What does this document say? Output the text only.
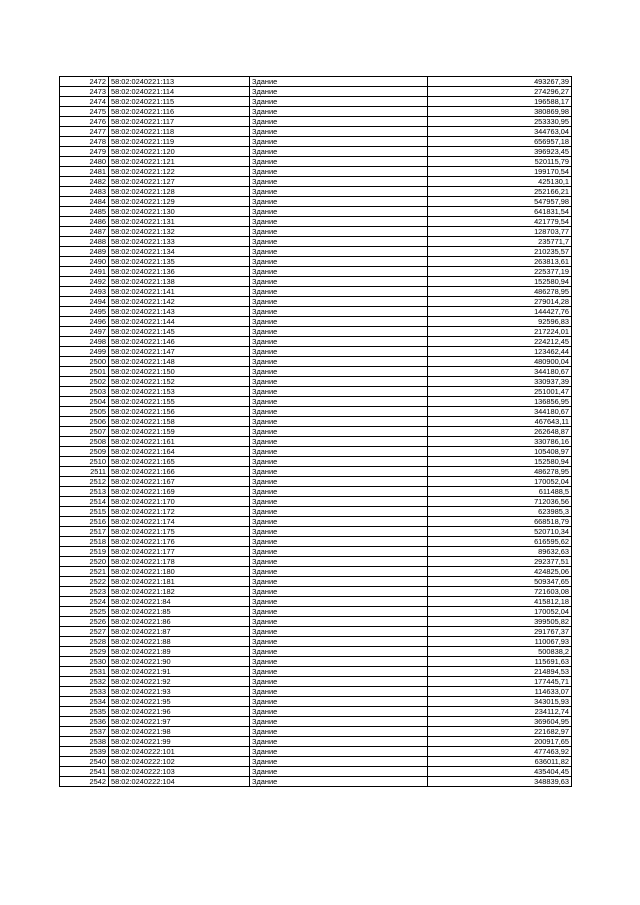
2472	58:02:0240221:113	Здание	493267,39
2473	58:02:0240221:114	Здание	274296,27
2474	58:02:0240221:115	Здание	196588,17
2475	58:02:0240221:116	Здание	380869,98
2476	58:02:0240221:117	Здание	253330,95
2477	58:02:0240221:118	Здание	344763,04
2478	58:02:0240221:119	Здание	656957,18
2479	58:02:0240221:120	Здание	396923,45
2480	58:02:0240221:121	Здание	520115,79
2481	58:02:0240221:122	Здание	199170,54
2482	58:02:0240221:127	Здание	425130,1
2483	58:02:0240221:128	Здание	252166,21
2484	58:02:0240221:129	Здание	547957,98
2485	58:02:0240221:130	Здание	641831,54
2486	58:02:0240221:131	Здание	421779,54
2487	58:02:0240221:132	Здание	128703,77
2488	58:02:0240221:133	Здание	235771,7
2489	58:02:0240221:134	Здание	210235,57
2490	58:02:0240221:135	Здание	263813,61
2491	58:02:0240221:136	Здание	225377,19
2492	58:02:0240221:138	Здание	152580,94
2493	58:02:0240221:141	Здание	486278,95
2494	58:02:0240221:142	Здание	279014,28
2495	58:02:0240221:143	Здание	144427,76
2496	58:02:0240221:144	Здание	92596,83
2497	58:02:0240221:145	Здание	217224,01
2498	58:02:0240221:146	Здание	224212,45
2499	58:02:0240221:147	Здание	123462,44
2500	58:02:0240221:148	Здание	480900,04
2501	58:02:0240221:150	Здание	344180,67
2502	58:02:0240221:152	Здание	330937,39
2503	58:02:0240221:153	Здание	251001,47
2504	58:02:0240221:155	Здание	136856,95
2505	58:02:0240221:156	Здание	344180,67
2506	58:02:0240221:158	Здание	467643,11
2507	58:02:0240221:159	Здание	262648,87
2508	58:02:0240221:161	Здание	330786,16
2509	58:02:0240221:164	Здание	105408,97
2510	58:02:0240221:165	Здание	152580,94
2511	58:02:0240221:166	Здание	486278,95
2512	58:02:0240221:167	Здание	170052,04
2513	58:02:0240221:169	Здание	611488,5
2514	58:02:0240221:170	Здание	712036,56
2515	58:02:0240221:172	Здание	623985,3
2516	58:02:0240221:174	Здание	668518,79
2517	58:02:0240221:175	Здание	520710,34
2518	58:02:0240221:176	Здание	616595,62
2519	58:02:0240221:177	Здание	89632,63
2520	58:02:0240221:178	Здание	292377,51
2521	58:02:0240221:180	Здание	424825,06
2522	58:02:0240221:181	Здание	509347,65
2523	58:02:0240221:182	Здание	721603,08
2524	58:02:0240221:84	Здание	415812,18
2525	58:02:0240221:85	Здание	170052,04
2526	58:02:0240221:86	Здание	399505,82
2527	58:02:0240221:87	Здание	291767,37
2528	58:02:0240221:88	Здание	110067,93
2529	58:02:0240221:89	Здание	500838,2
2530	58:02:0240221:90	Здание	115691,63
2531	58:02:0240221:91	Здание	214894,53
2532	58:02:0240221:92	Здание	177445,71
2533	58:02:0240221:93	Здание	114633,07
2534	58:02:0240221:95	Здание	343015,93
2535	58:02:0240221:96	Здание	234112,74
2536	58:02:0240221:97	Здание	369604,95
2537	58:02:0240221:98	Здание	221682,97
2538	58:02:0240221:99	Здание	200917,65
2539	58:02:0240222:101	Здание	477463,92
2540	58:02:0240222:102	Здание	636011,82
2541	58:02:0240222:103	Здание	435404,45
2542	58:02:0240222:104	Здание	348839,63
